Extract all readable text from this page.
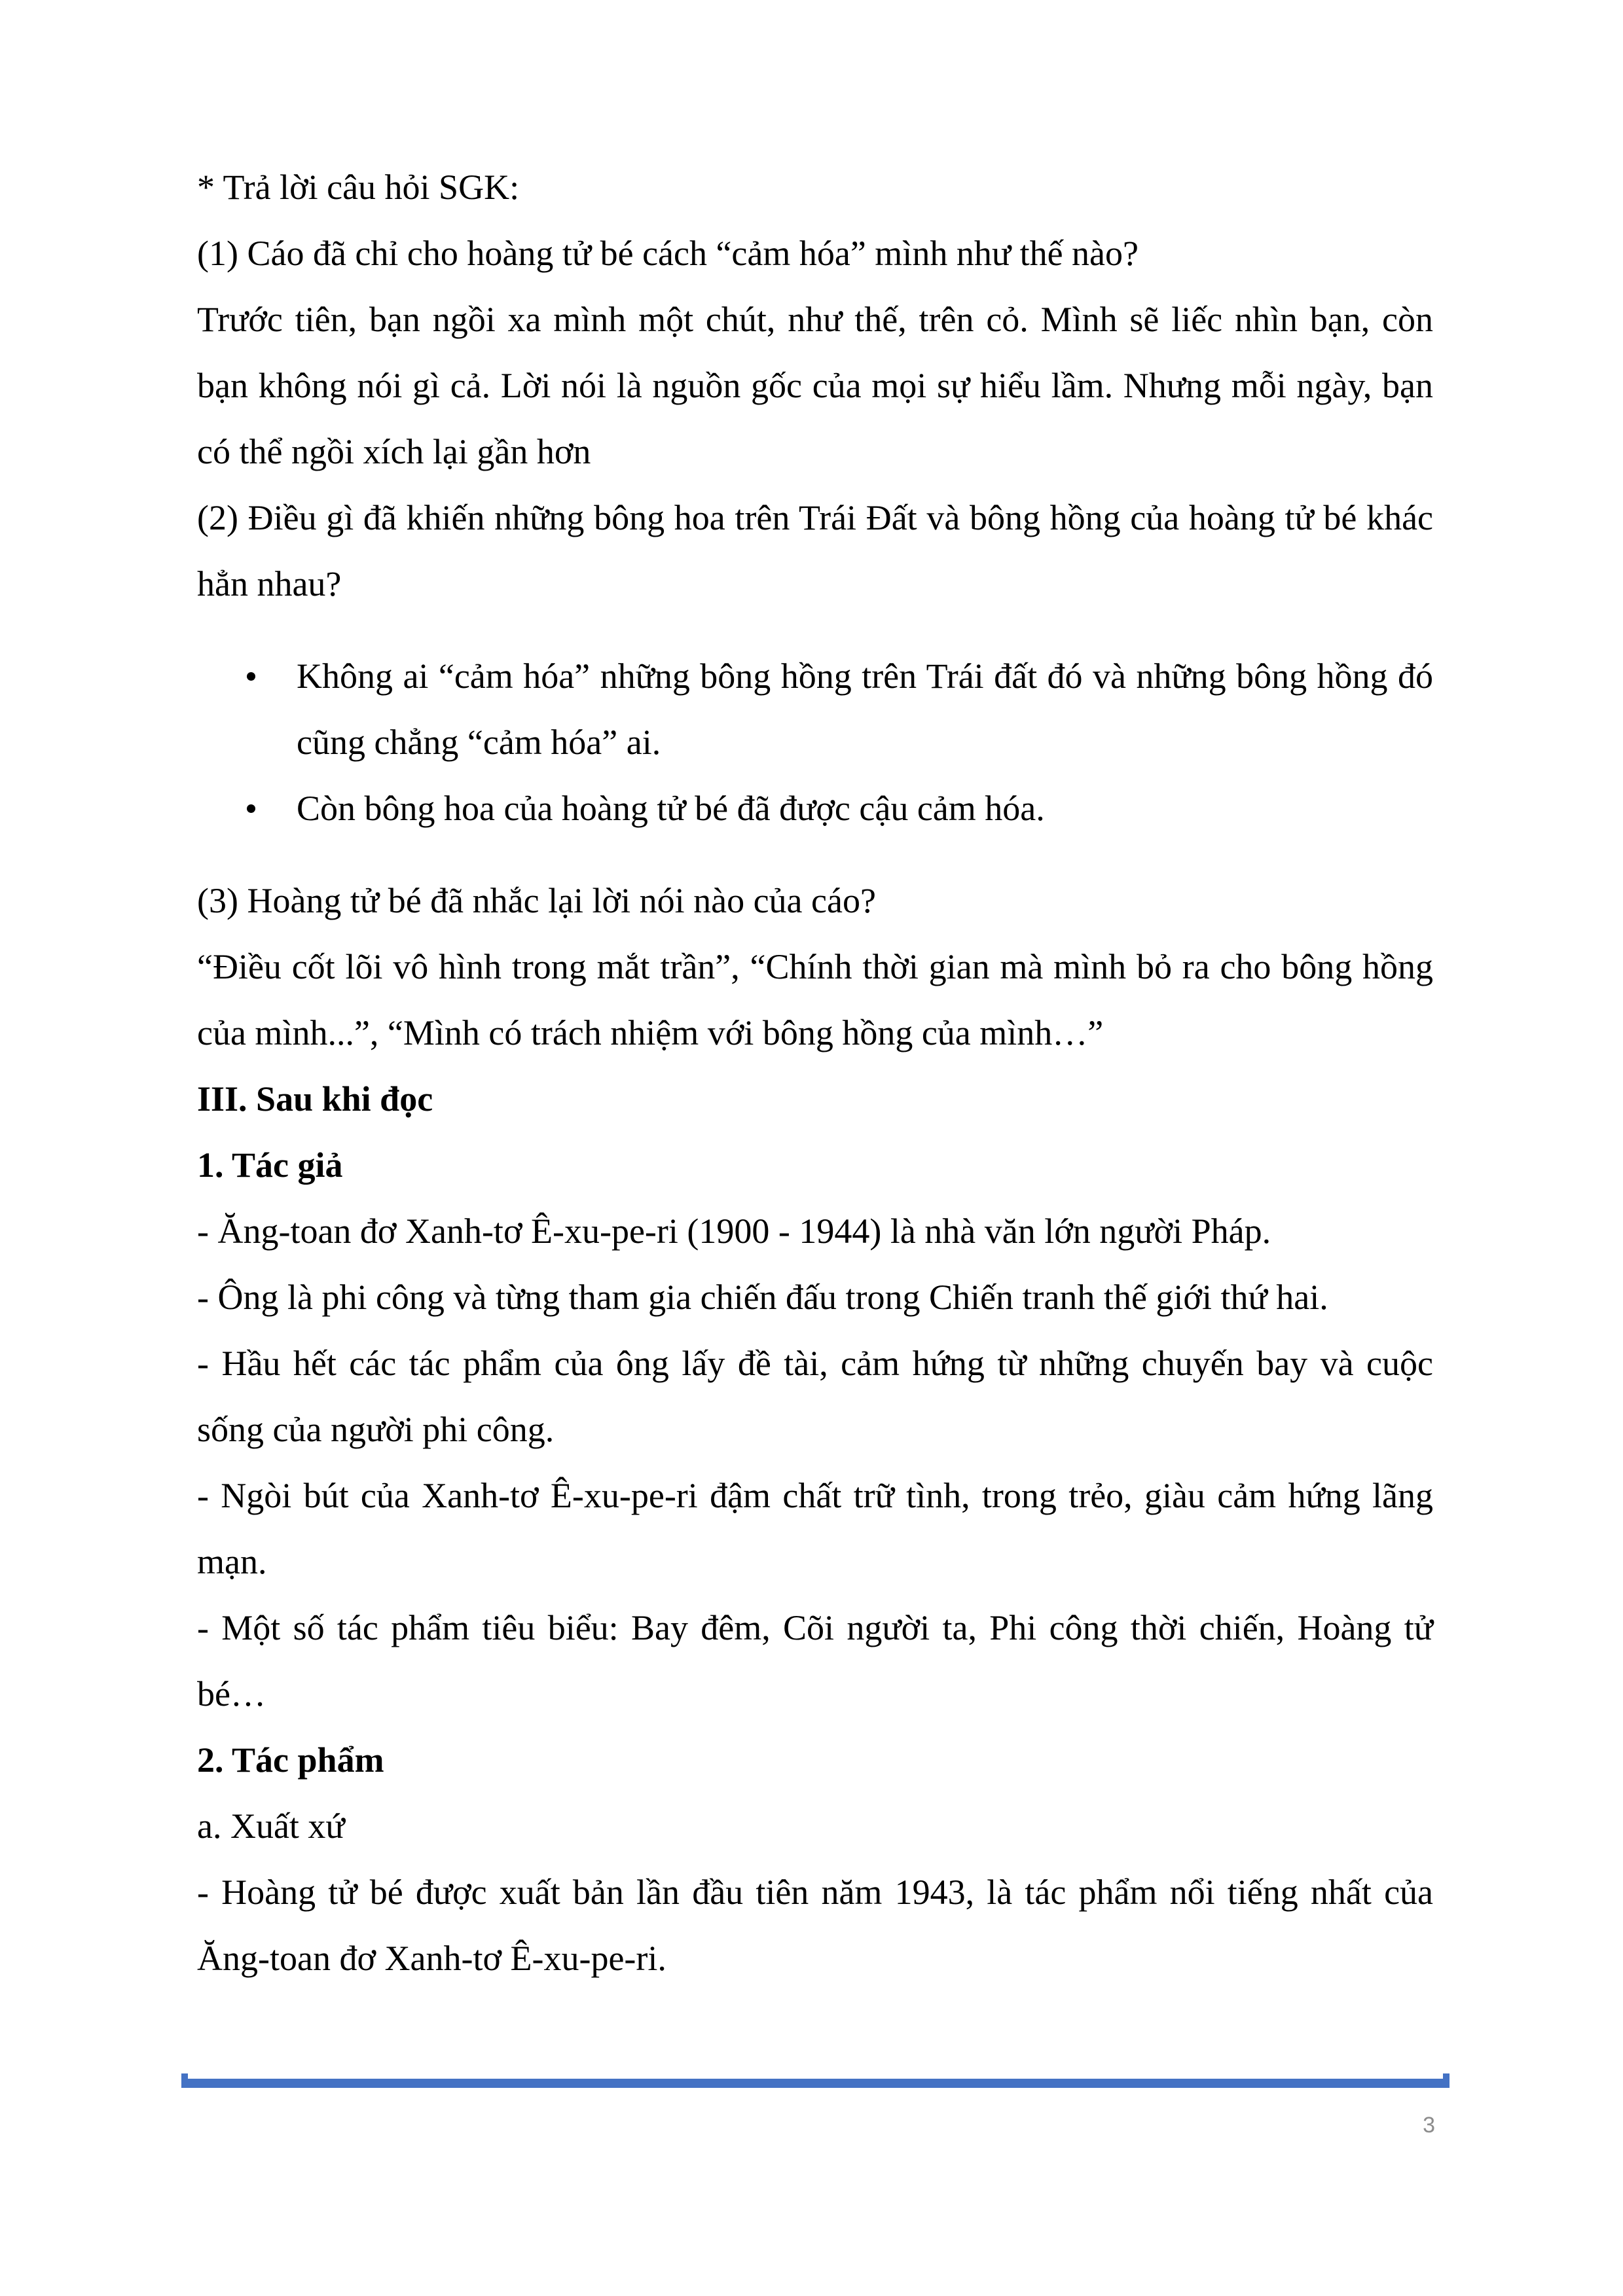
* Trả lời câu hỏi SGK:

(1) Cáo đã chỉ cho hoàng tử bé cách “cảm hóa” mình như thế nào?

Trước tiên, bạn ngồi xa mình một chút, như thế, trên cỏ. Mình sẽ liếc nhìn bạn, còn bạn không nói gì cả. Lời nói là nguồn gốc của mọi sự hiểu lầm. Nhưng mỗi ngày, bạn có thể ngồi xích lại gần hơn

(2) Điều gì đã khiến những bông hoa trên Trái Đất và bông hồng của hoàng tử bé khác hẳn nhau?

Không ai “cảm hóa” những bông hồng trên Trái đất đó và những bông hồng đó cũng chẳng “cảm hóa” ai.
Còn bông hoa của hoàng tử bé đã được cậu cảm hóa.

(3) Hoàng tử bé đã nhắc lại lời nói nào của cáo?

“Điều cốt lõi vô hình trong mắt trần”, “Chính thời gian mà mình bỏ ra cho bông hồng của mình...”, “Mình có trách nhiệm với bông hồng của mình…”

III. Sau khi đọc

1. Tác giả

- Ăng-toan đơ Xanh-tơ Ê-xu-pe-ri (1900 - 1944) là nhà văn lớn người Pháp.

- Ông là phi công và từng tham gia chiến đấu trong Chiến tranh thế giới thứ hai.

- Hầu hết các tác phẩm của ông lấy đề tài, cảm hứng từ những chuyến bay và cuộc sống của người phi công.

- Ngòi bút của Xanh-tơ Ê-xu-pe-ri đậm chất trữ tình, trong trẻo, giàu cảm hứng lãng mạn.

- Một số tác phẩm tiêu biểu: Bay đêm, Cõi người ta, Phi công thời chiến, Hoàng tử bé…

2. Tác phẩm

a. Xuất xứ

- Hoàng tử bé được xuất bản lần đầu tiên năm 1943, là tác phẩm nổi tiếng nhất của Ăng-toan đơ Xanh-tơ Ê-xu-pe-ri.

3
